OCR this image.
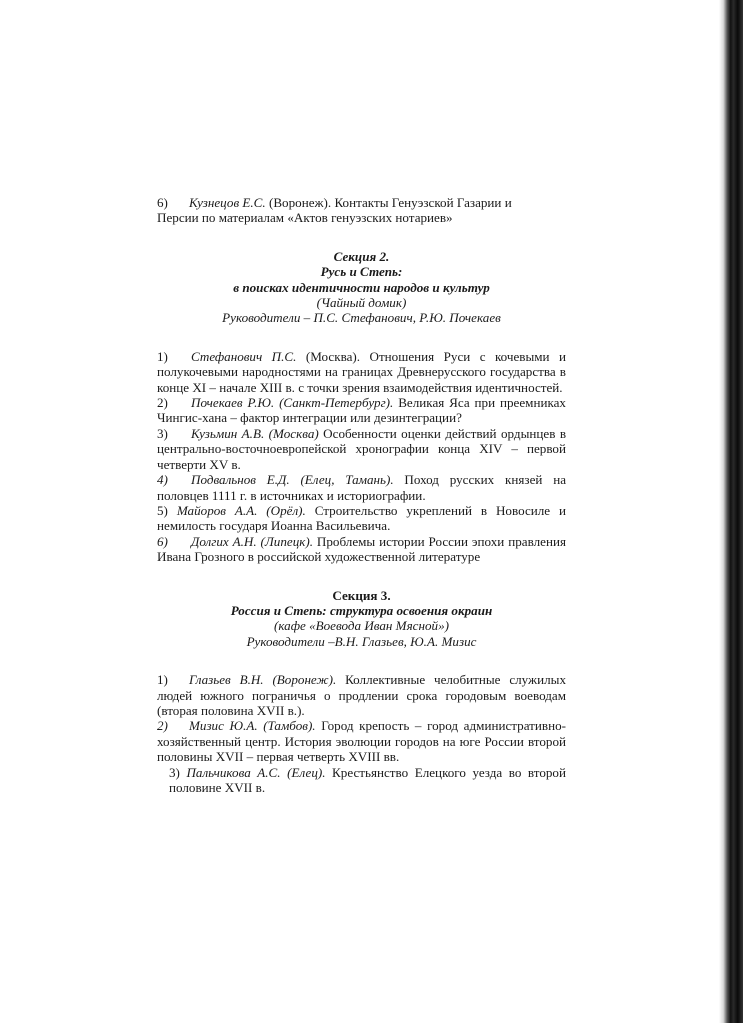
6) Кузнецов Е.С. (Воронеж). Контакты Генуэзской Газарии и
Персии по материалам «Актов генуэзских нотариев»

Секция 2.
Русь и Степь:
в поисках идентичности народов и культур
(Чайный домик)
Руководители – П.С. Стефанович, Р.Ю. Почекаев

1) Стефанович П.С. (Москва). Отношения Руси с кочевыми и полукочевыми народностями на границах Древнерусского государства в конце XI – начале XIII в. с точки зрения взаимодействия идентичностей.

2) Почекаев Р.Ю. (Санкт-Петербург). Великая Яса при преемниках Чингис-хана – фактор интеграции или дезинтеграции?

3) Кузьмин А.В. (Москва) Особенности оценки действий ордынцев в центрально-восточноевропейской хронографии конца XIV – первой четверти XV в.

4) Подвальнов Е.Д. (Елец, Тамань). Поход русских князей на половцев 1111 г. в источниках и историографии.

5) Майоров А.А. (Орёл). Строительство укреплений в Новосиле и немилость государя Иоанна Васильевича.

6) Долгих А.Н. (Липецк). Проблемы истории России эпохи правления Ивана Грозного в российской художественной литературе

Секция 3.
Россия и Степь: структура освоения окраин
(кафе «Воевода Иван Мясной»)
Руководители –В.Н. Глазьев, Ю.А. Мизис

1) Глазьев В.Н. (Воронеж). Коллективные челобитные служилых людей южного пограничья о продлении срока городовым воеводам (вторая половина XVII в.).

2) Мизис Ю.А. (Тамбов). Город крепость – город административно-хозяйственный центр. История эволюции городов на юге России второй половины XVII – первая четверть XVIII вв.

3) Пальчикова А.С. (Елец). Крестьянство Елецкого уезда во второй половине XVII в.
